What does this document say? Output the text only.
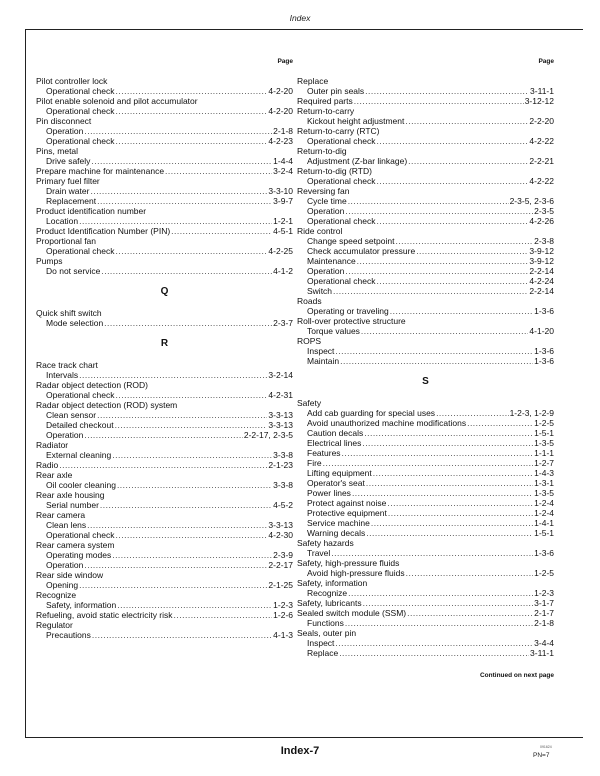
Index
Page
Pilot controller lock
Operational check .....	4-2-20
Pilot enable solenoid and pilot accumulator
Operational check .....	4-2-20
Pin disconnect
Operation .....	2-1-8
Operational check .....	4-2-23
Pins, metal
Drive safely .....	1-4-4
Prepare machine for maintenance .....	3-2-4
Primary fuel filter
Drain water .....	3-3-10
Replacement .....	3-9-7
Product identification number
Location .....	1-2-1
Product Identification Number (PIN) .....	4-5-1
Proportional fan
Operational check .....	4-2-25
Pumps
Do not service .....	4-1-2
Q
Quick shift switch
Mode selection .....	2-3-7
R
Race track chart
Intervals .....	3-2-14
Radar object detection (ROD)
Operational check .....	4-2-31
Radar object detection (ROD) system
Clean sensor .....	3-3-13
Detailed checkout .....	3-3-13
Operation .....	2-2-17, 2-3-5
Radiator
External cleaning .....	3-3-8
Radio .....	2-1-23
Rear axle
Oil cooler cleaning .....	3-3-8
Rear axle housing
Serial number .....	4-5-2
Rear camera
Clean lens .....	3-3-13
Operational check .....	4-2-30
Rear camera system
Operating modes .....	2-3-9
Operation .....	2-2-17
Rear side window
Opening .....	2-1-25
Recognize
Safety, information .....	1-2-3
Refueling, avoid static electricity risk .....	1-2-6
Regulator
Precautions .....	4-1-3
Page
Replace
Outer pin seals .....	3-11-1
Required parts .....	3-12-12
Return-to-carry
Kickout height adjustment .....	2-2-20
Return-to-carry (RTC)
Operational check .....	4-2-22
Return-to-dig
Adjustment (Z-bar linkage) .....	2-2-21
Return-to-dig (RTD)
Operational check .....	4-2-22
Reversing fan
Cycle time .....	2-3-5, 2-3-6
Operation .....	2-3-5
Operational check .....	4-2-26
Ride control
Change speed setpoint .....	2-3-8
Check accumulator pressure .....	3-9-12
Maintenance .....	3-9-12
Operation .....	2-2-14
Operational check .....	4-2-24
Switch .....	2-2-14
Roads
Operating or traveling .....	1-3-6
Roll-over protective structure
Torque values .....	4-1-20
ROPS
Inspect .....	1-3-6
Maintain .....	1-3-6
S
Safety
Add cab guarding for special uses .....	1-2-3, 1-2-9
Avoid unauthorized machine modifications .....	1-2-5
Caution decals .....	1-5-1
Electrical lines .....	1-3-5
Features .....	1-1-1
Fire .....	1-2-7
Lifting equipment .....	1-4-3
Operator's seat .....	1-3-1
Power lines .....	1-3-5
Protect against noise .....	1-2-4
Protective equipment .....	1-2-4
Service machine .....	1-4-1
Warning decals .....	1-5-1
Safety hazards
Travel .....	1-3-6
Safety, high-pressure fluids
Avoid high-pressure fluids .....	1-2-5
Safety, information
Recognize .....	1-2-3
Safety, lubricants .....	3-1-7
Sealed switch module (SSM) .....	2-1-7
Functions .....	2-1-8
Seals, outer pin
Inspect .....	3-4-4
Replace .....	3-11-1
Continued on next page
Index-7	091624
PN=7
